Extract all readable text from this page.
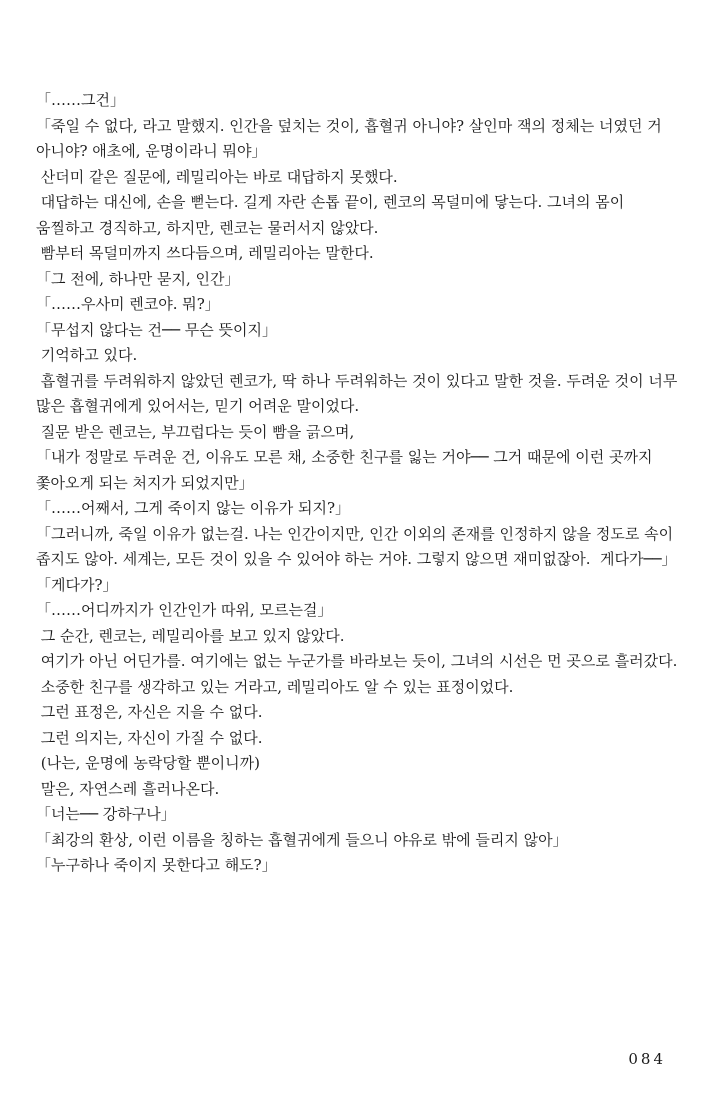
「……그건」

「죽일 수 없다, 라고 말했지. 인간을 덮치는 것이, 흡혈귀 아니야? 살인마 잭의 정체는 너였던 거 아니야? 애초에, 운명이라니 뭐야」

산더미 같은 질문에, 레밀리아는 바로 대답하지 못했다.

대답하는 대신에, 손을 뻗는다. 길게 자란 손톱 끝이, 렌코의 목덜미에 닿는다. 그녀의 몸이 움찔하고 경직하고, 하지만, 렌코는 물러서지 않았다.

빰부터 목덜미까지 쓰다듬으며, 레밀리아는 말한다.

「그 전에, 하나만 묻지, 인간」

「……우사미 렌코야. 뭐?」

「무섭지 않다는 건── 무슨 뜻이지」

기억하고 있다.

흡혈귀를 두려워하지 않았던 렌코가, 딱 하나 두려워하는 것이 있다고 말한 것을. 두려운 것이 너무 많은 흡혈귀에게 있어서는, 믿기 어려운 말이었다.

질문 받은 렌코는, 부끄럽다는 듯이 빰을 긁으며,

「내가 정말로 두려운 건, 이유도 모른 채, 소중한 친구를 잃는 거야── 그거 때문에 이런 곳까지 쫓아오게 되는 처지가 되었지만」

「……어째서, 그게 죽이지 않는 이유가 되지?」

「그러니까, 죽일 이유가 없는걸. 나는 인간이지만, 인간 이외의 존재를 인정하지 않을 정도로 속이 좁지도 않아. 세계는, 모든 것이 있을 수 있어야 하는 거야. 그렇지 않으면 재미없잖아.  게다가──」

「게다가?」

「……어디까지가 인간인가 따위, 모르는걸」

그 순간, 렌코는, 레밀리아를 보고 있지 않았다.

여기가 아닌 어딘가를. 여기에는 없는 누군가를 바라보는 듯이, 그녀의 시선은 먼 곳으로 흘러갔다.

소중한 친구를 생각하고 있는 거라고, 레밀리아도 알 수 있는 표정이었다.

그런 표정은, 자신은 지을 수 없다.

그런 의지는, 자신이 가질 수 없다.

(나는, 운명에 농락당할 뿐이니까)

말은, 자연스레 흘러나온다.

「너는── 강하구나」

「최강의 환상, 이런 이름을 칭하는 흡혈귀에게 들으니 야유로 밖에 들리지 않아」

「누구하나 죽이지 못한다고 해도?」

084
